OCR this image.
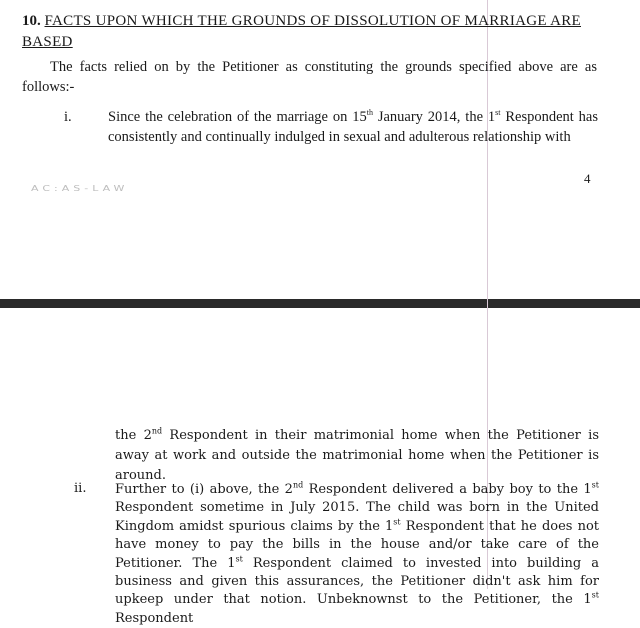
10. FACTS UPON WHICH THE GROUNDS OF DISSOLUTION OF MARRIAGE ARE BASED
The facts relied on by the Petitioner as constituting the grounds specified above are as follows:-
i.	Since the celebration of the marriage on 15th January 2014, the 1st Respondent has consistently and continually indulged in sexual and adulterous relationship with
4
AC:AS-LAW
the 2nd Respondent in their matrimonial home when the Petitioner is away at work and outside the matrimonial home when the Petitioner is around.
ii. Further to (i) above, the 2nd Respondent delivered a baby boy to the 1st Respondent sometime in July 2015. The child was born in the United Kingdom amidst spurious claims by the 1st Respondent that he does not have money to pay the bills in the house and/or take care of the Petitioner. The 1st Respondent claimed to invested into building a business and given this assurances, the Petitioner didn't ask him for upkeep under that notion. Unbeknownst to the Petitioner, the 1st Respondent
